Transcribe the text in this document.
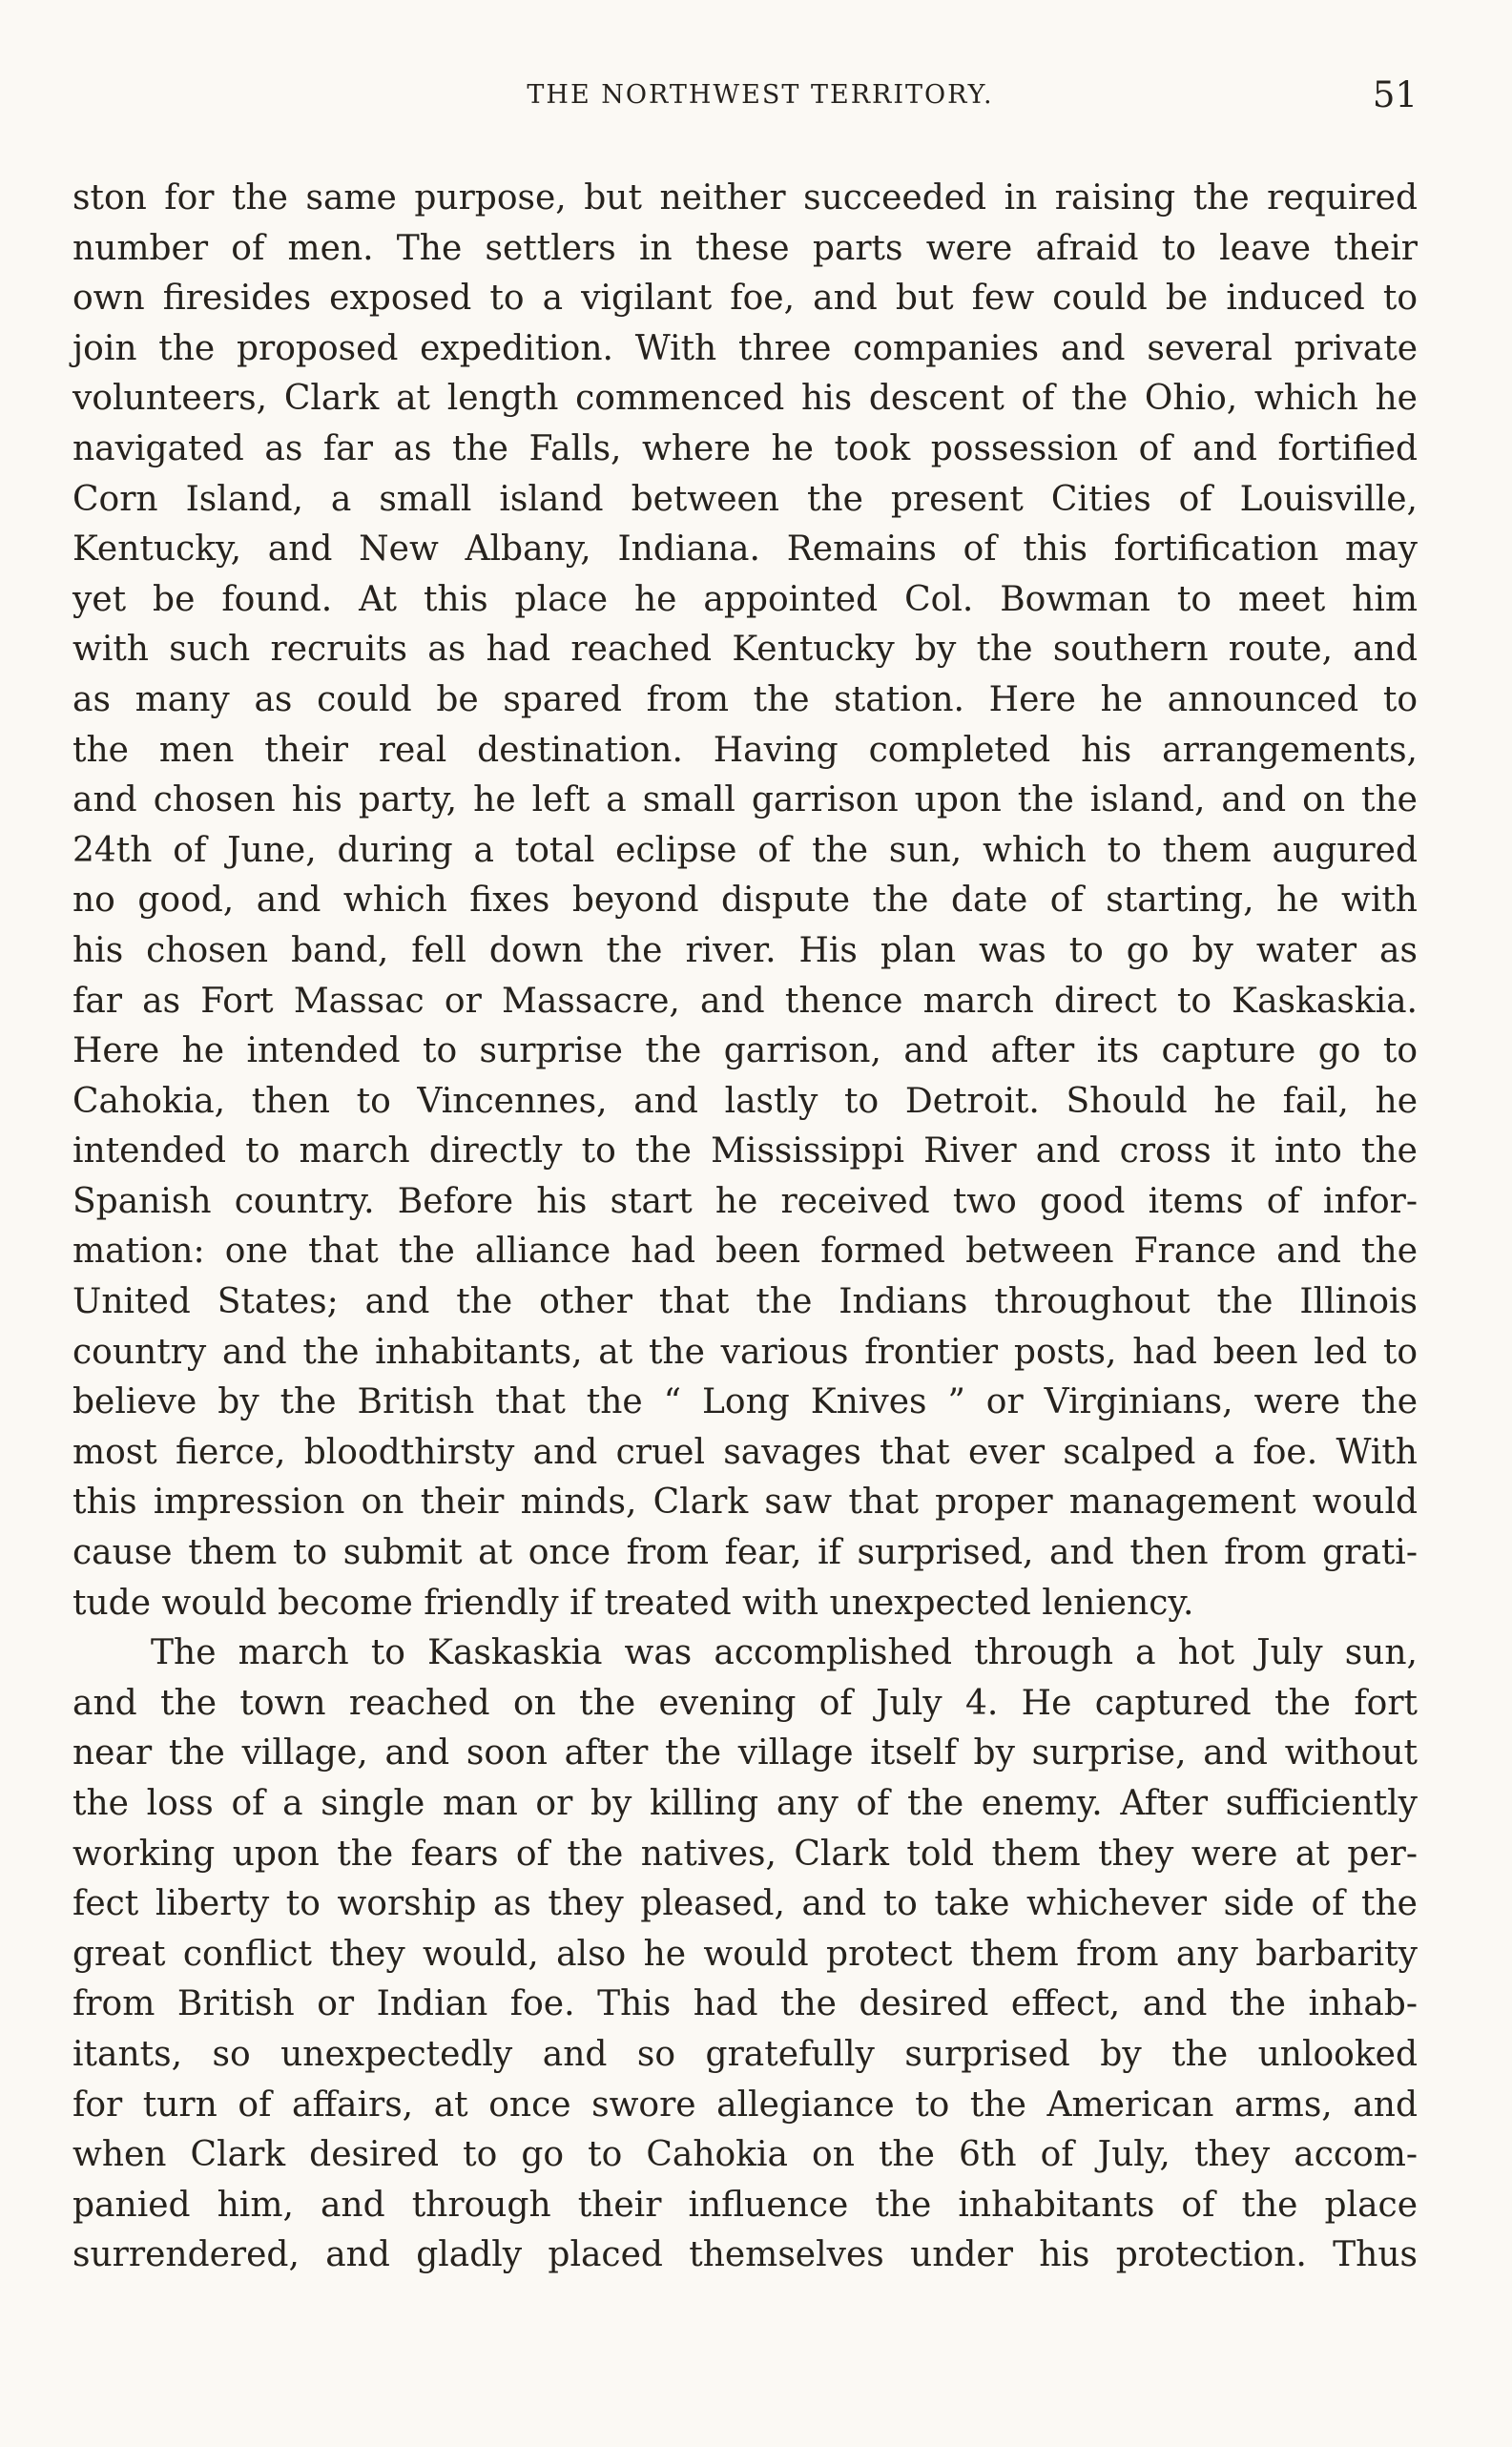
THE NORTHWEST TERRITORY.	51
ston for the same purpose, but neither succeeded in raising the required
number of men. The settlers in these parts were afraid to leave their
own firesides exposed to a vigilant foe, and but few could be induced to
join the proposed expedition. With three companies and several private
volunteers, Clark at length commenced his descent of the Ohio, which he
navigated as far as the Falls, where he took possession of and fortified
Corn Island, a small island between the present Cities of Louisville,
Kentucky, and New Albany, Indiana. Remains of this fortification may
yet be found. At this place he appointed Col. Bowman to meet him
with such recruits as had reached Kentucky by the southern route, and
as many as could be spared from the station. Here he announced to
the men their real destination. Having completed his arrangements,
and chosen his party, he left a small garrison upon the island, and on the
24th of June, during a total eclipse of the sun, which to them augured
no good, and which fixes beyond dispute the date of starting, he with
his chosen band, fell down the river. His plan was to go by water as
far as Fort Massac or Massacre, and thence march direct to Kaskaskia.
Here he intended to surprise the garrison, and after its capture go to
Cahokia, then to Vincennes, and lastly to Detroit. Should he fail, he
intended to march directly to the Mississippi River and cross it into the
Spanish country. Before his start he received two good items of infor-
mation: one that the alliance had been formed between France and the
United States; and the other that the Indians throughout the Illinois
country and the inhabitants, at the various frontier posts, had been led to
believe by the British that the “ Long Knives ” or Virginians, were the
most fierce, bloodthirsty and cruel savages that ever scalped a foe. With
this impression on their minds, Clark saw that proper management would
cause them to submit at once from fear, if surprised, and then from grati-
tude would become friendly if treated with unexpected leniency.
The march to Kaskaskia was accomplished through a hot July sun,
and the town reached on the evening of July 4. He captured the fort
near the village, and soon after the village itself by surprise, and without
the loss of a single man or by killing any of the enemy. After sufficiently
working upon the fears of the natives, Clark told them they were at per-
fect liberty to worship as they pleased, and to take whichever side of the
great conflict they would, also he would protect them from any barbarity
from British or Indian foe. This had the desired effect, and the inhab-
itants, so unexpectedly and so gratefully surprised by the unlooked
for turn of affairs, at once swore allegiance to the American arms, and
when Clark desired to go to Cahokia on the 6th of July, they accom-
panied him, and through their influence the inhabitants of the place
surrendered, and gladly placed themselves under his protection. Thus
